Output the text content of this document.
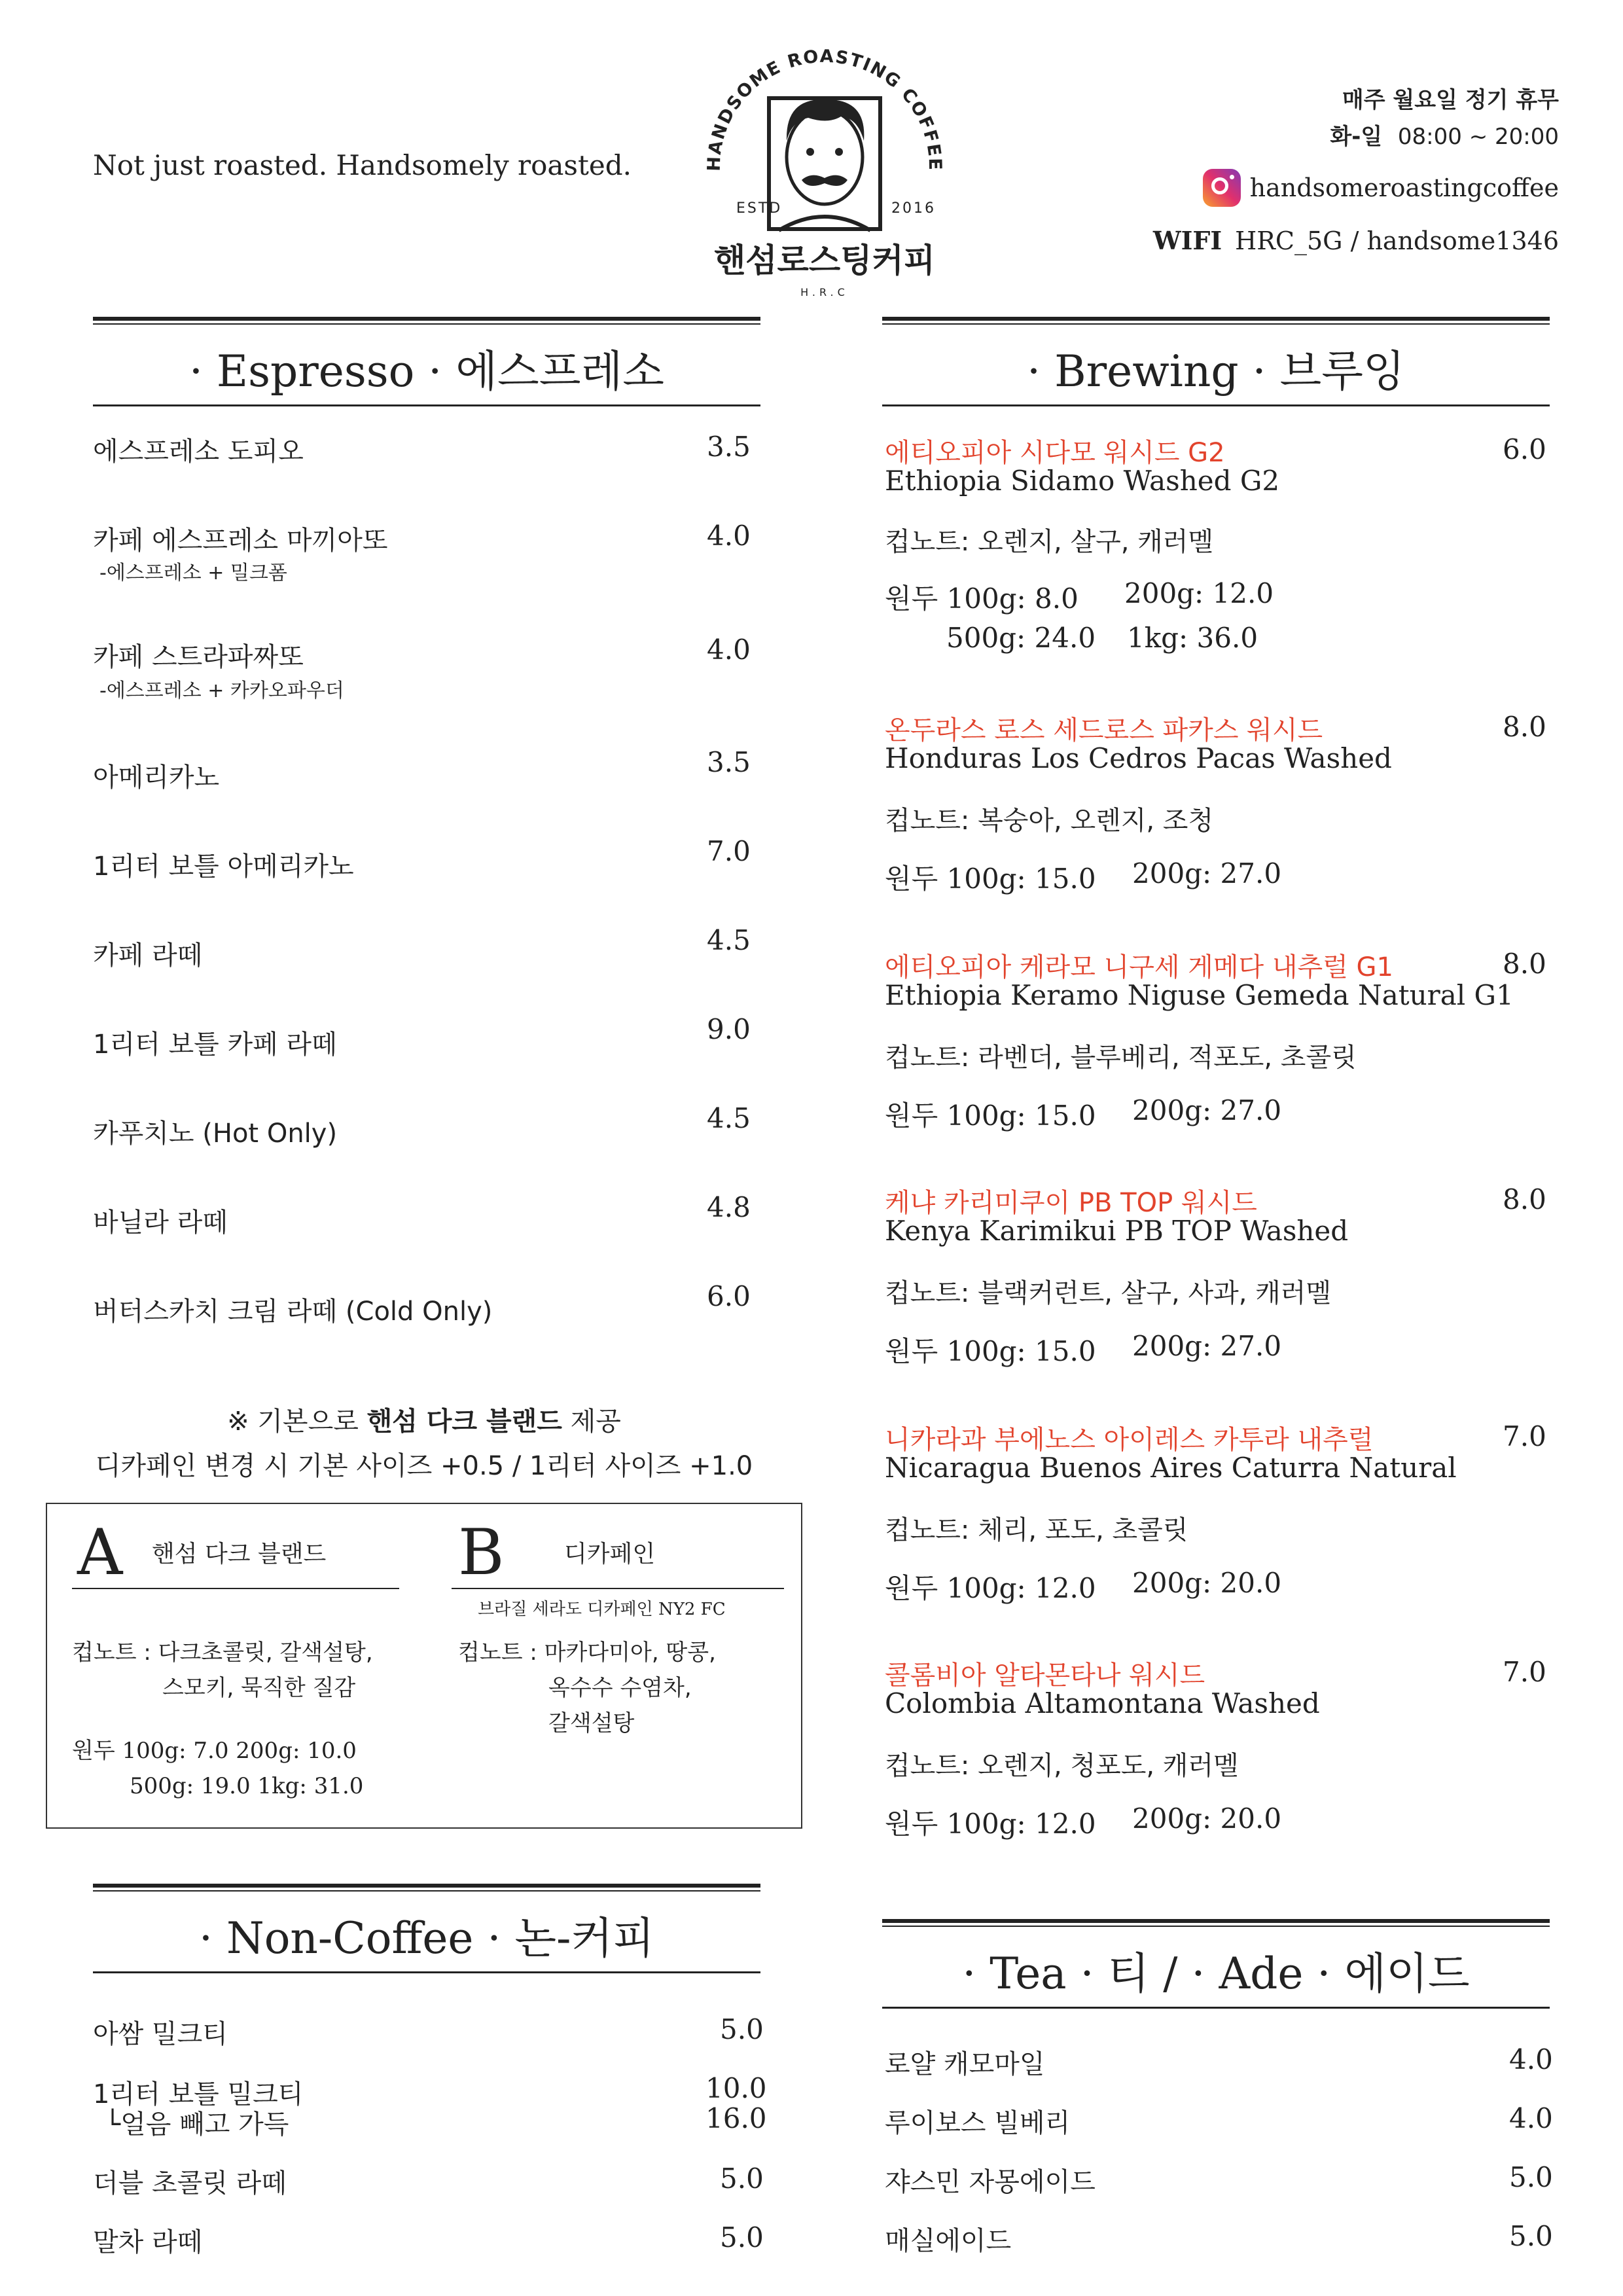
Not just roasted. Handsomely roasted.	HANDSOME ROASTING COFFEE
ESTD	2016
핸섬로스팅커피
H.R.C
매주 월요일 정기 휴무
화-일 08:00 ~ 20:00
handsomeroastingcoffee
WIFI HRC_5G / handsome1346
· Espresso · 에스프레소
에스프레소 도피오	3.5
카페 에스프레소 마끼아또
-에스프레소 + 밀크폼
4.0
카페 스트라파짜또
-에스프레소 + 카카오파우더
4.0
아메리카노	3.5
1리터 보틀 아메리카노	7.0
카페 라떼	4.5
1리터 보틀 카페 라떼	9.0
카푸치노 (Hot Only)	4.5
바닐라 라떼	4.8
버터스카치 크림 라떼 (Cold Only)	6.0
※ 기본으로 핸섬 다크 블랜드 제공
디카페인 변경 시 기본 사이즈 +0.5 / 1리터 사이즈 +1.0
A 핸섬 다크 블랜드 B	디카페인
브라질 세라도 디카페인 NY2 FC
컵노트 : 다크초콜릿, 갈색설탕,
스모키, 묵직한 질감
원두 100g: 7.0 200g: 10.0
500g: 19.0 1kg: 31.0
컵노트 : 마카다미아, 땅콩,
옥수수 수염차,
갈색설탕
· Brewing · 브루잉
에티오피아 시다모 워시드 G2
Ethiopia Sidamo Washed G2
6.0
컵노트: 오렌지, 살구, 캐러멜
원두 100g: 8.0 200g: 12.0
500g: 24.0 1kg: 36.0
온두라스 로스 세드로스 파카스 워시드
Honduras Los Cedros Pacas Washed
8.0
컵노트: 복숭아, 오렌지, 조청
원두 100g: 15.0 200g: 27.0
에티오피아 케라모 니구세 게메다 내추럴 G1
Ethiopia Keramo Niguse Gemeda Natural G1
8.0
컵노트: 라벤더, 블루베리, 적포도, 초콜릿
원두 100g: 15.0 200g: 27.0
케냐 카리미쿠이 PB TOP 워시드
Kenya Karimikui PB TOP Washed
8.0
컵노트: 블랙커런트, 살구, 사과, 캐러멜
원두 100g: 15.0 200g: 27.0
니카라과 부에노스 아이레스 카투라 내추럴
Nicaragua Buenos Aires Caturra Natural
7.0
컵노트: 체리, 포도, 초콜릿
원두 100g: 12.0 200g: 20.0
콜롬비아 알타몬타나 워시드
Colombia Altamontana Washed
7.0
컵노트: 오렌지, 청포도, 캐러멜
원두 100g: 12.0 200g: 20.0
· Non-Coffee · 논-커피
아쌈 밀크티	5.0
1리터 보틀 밀크티	10.0
└얼음 빼고 가득	16.0
더블 초콜릿 라떼	5.0
말차 라떼	5.0
· Tea · 티 / · Ade · 에이드
로얄 캐모마일	4.0
루이보스 빌베리	4.0
쟈스민 자몽에이드	5.0
매실에이드	5.0
